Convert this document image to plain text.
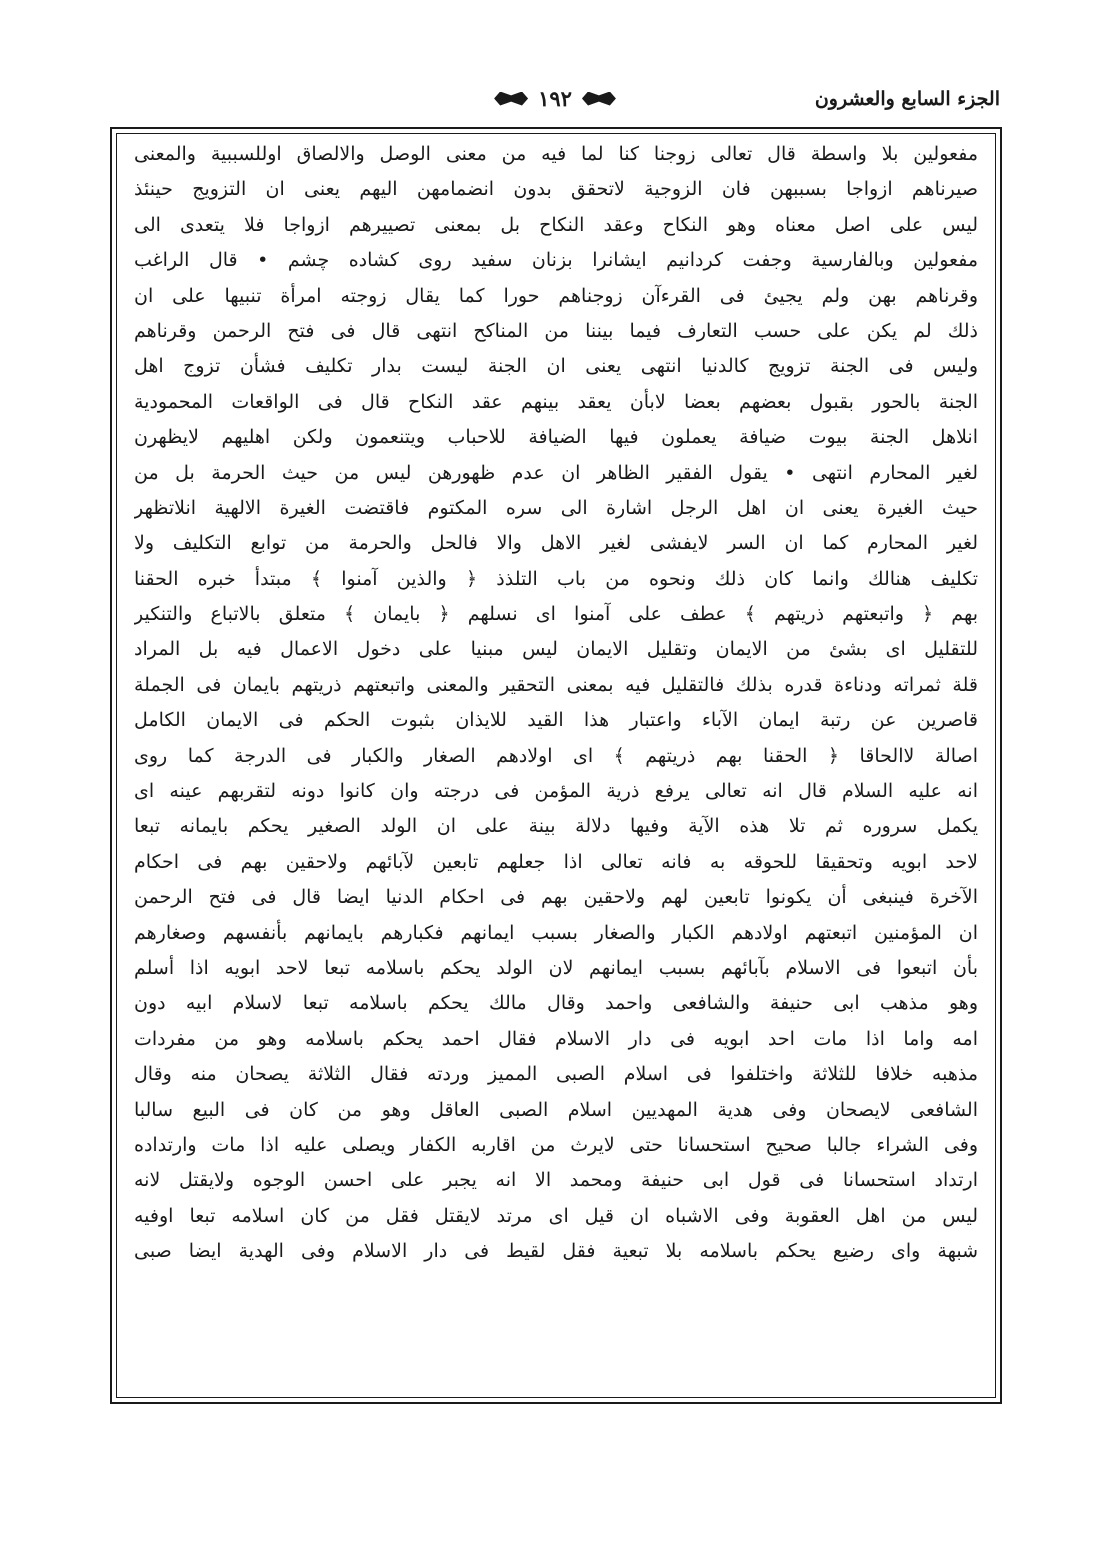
الجزء السابع والعشرون
١٩٢
مفعولين بلا واسطة قال تعالى زوجنا كنا لما فيه من معنى الوصل والالصاق اوللسببية والمعنى
صيرناهم ازواجا بسببهن فان الزوجية لاتحقق بدون انضمامهن اليهم يعنى ان التزويج حينئذ
ليس على اصل معناه وهو النكاح وعقد النكاح بل بمعنى تصييرهم ازواجا فلا يتعدى الى
مفعولين وبالفارسية وجفت كردانيم ايشانرا بزنان سفيد روى كشاده چشم • قال الراغب
وقرناهم بهن ولم يجيئ فى القرءآن زوجناهم حورا كما يقال زوجته امرأة تنبيها على ان
ذلك لم يكن على حسب التعارف فيما بيننا من المناكح انتهى قال فى فتح الرحمن وقرناهم
وليس فى الجنة تزويج كالدنيا انتهى يعنى ان الجنة ليست بدار تكليف فشأن تزوج اهل
الجنة بالحور بقبول بعضهم بعضا لابأن يعقد بينهم عقد النكاح قال فى الواقعات المحمودية
انلاهل الجنة بيوت ضيافة يعملون فيها الضيافة للاحباب ويتنعمون ولكن اهليهم لايظهرن
لغير المحارم انتهى • يقول الفقير الظاهر ان عدم ظهورهن ليس من حيث الحرمة بل من
حيث الغيرة يعنى ان اهل الرجل اشارة الى سره المكتوم فاقتضت الغيرة الالهية انلاتظهر
لغير المحارم كما ان السر لايفشى لغير الاهل والا فالحل والحرمة من توابع التكليف ولا
تكليف هنالك وانما كان ذلك ونحوه من باب التلذذ ﴿ والذين آمنوا ﴾ مبتدأ خبره الحقنا
بهم ﴿ واتبعتهم ذريتهم ﴾ عطف على آمنوا اى نسلهم ﴿ بايمان ﴾ متعلق بالاتباع والتنكير
للتقليل اى بشئ من الايمان وتقليل الايمان ليس مبنيا على دخول الاعمال فيه بل المراد
قلة ثمراته ودناءة قدره بذلك فالتقليل فيه بمعنى التحقير والمعنى واتبعتهم ذريتهم بايمان فى الجملة
قاصرين عن رتبة ايمان الآباء واعتبار هذا القيد للايذان بثبوت الحكم فى الايمان الكامل
اصالة لاالحاقا ﴿ الحقنا بهم ذريتهم ﴾ اى اولادهم الصغار والكبار فى الدرجة كما روى
انه عليه السلام قال انه تعالى يرفع ذرية المؤمن فى درجته وان كانوا دونه لتقربهم عينه اى
يكمل سروره ثم تلا هذه الآية وفيها دلالة بينة على ان الولد الصغير يحكم بايمانه تبعا
لاحد ابويه وتحقيقا للحوقه به فانه تعالى اذا جعلهم تابعين لآبائهم ولاحقين بهم فى احكام
الآخرة فينبغى أن يكونوا تابعين لهم ولاحقين بهم فى احكام الدنيا ايضا قال فى فتح الرحمن
ان المؤمنين اتبعتهم اولادهم الكبار والصغار بسبب ايمانهم فكبارهم بايمانهم بأنفسهم وصغارهم
بأن اتبعوا فى الاسلام بآبائهم بسبب ايمانهم لان الولد يحكم باسلامه تبعا لاحد ابويه اذا أسلم
وهو مذهب ابى حنيفة والشافعى واحمد وقال مالك يحكم باسلامه تبعا لاسلام ابيه دون
امه واما اذا مات احد ابويه فى دار الاسلام فقال احمد يحكم باسلامه وهو من مفردات
مذهبه خلافا للثلاثة واختلفوا فى اسلام الصبى المميز وردته فقال الثلاثة يصحان منه وقال
الشافعى لايصحان وفى هدية المهديين اسلام الصبى العاقل وهو من كان فى البيع سالبا
وفى الشراء جالبا صحيح استحسانا حتى لايرث من اقاربه الكفار ويصلى عليه اذا مات وارتداده
ارتداد استحسانا فى قول ابى حنيفة ومحمد الا انه يجبر على احسن الوجوه ولايقتل لانه
ليس من اهل العقوبة وفى الاشباه ان قيل اى مرتد لايقتل فقل من كان اسلامه تبعا اوفيه
شبهة واى رضيع يحكم باسلامه بلا تبعية فقل لقيط فى دار الاسلام وفى الهدية ايضا صبى
